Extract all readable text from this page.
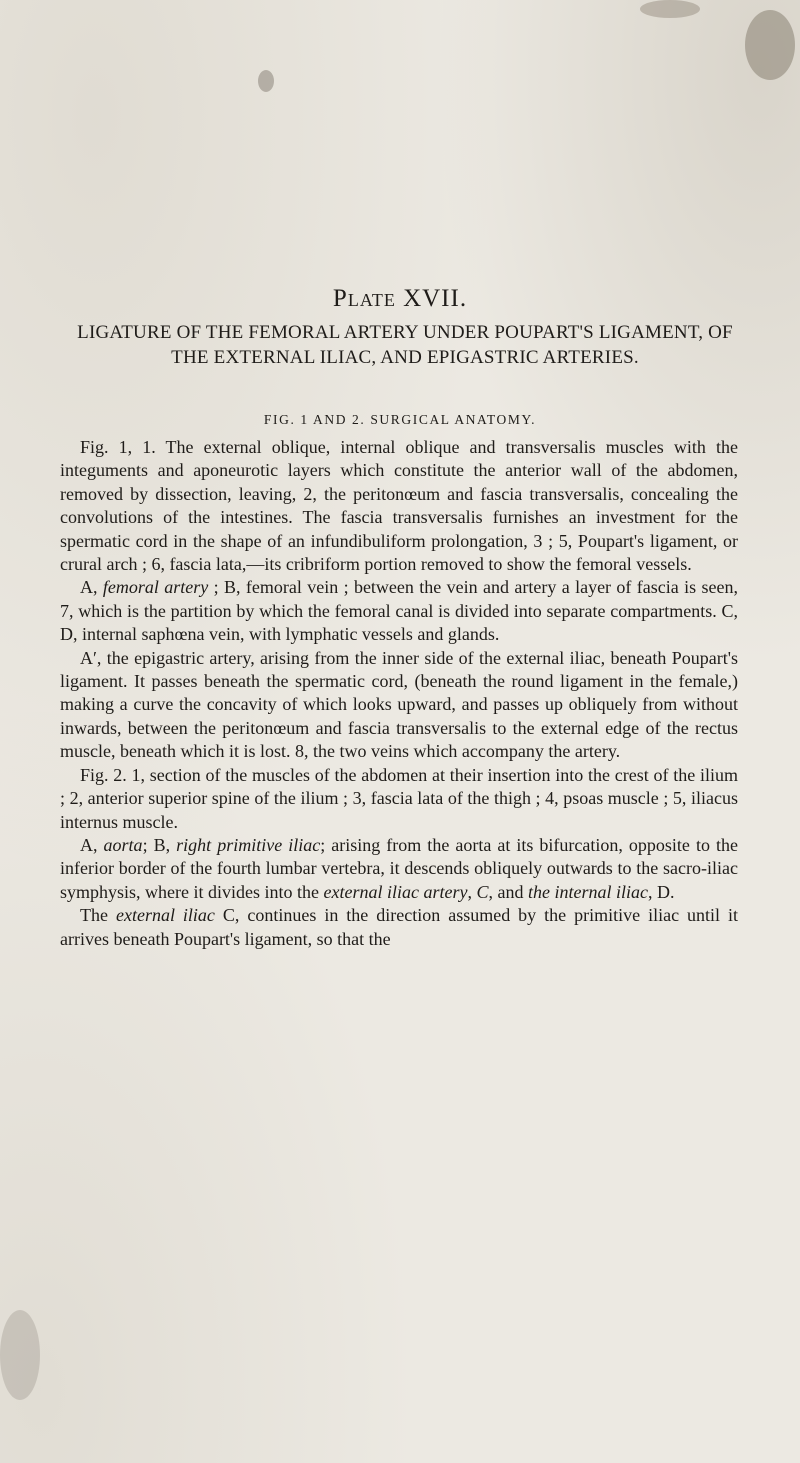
Plate XVII.
LIGATURE OF THE FEMORAL ARTERY UNDER POUPART'S LIGAMENT, OF THE EXTERNAL ILIAC, AND EPIGASTRIC ARTERIES.
FIG. 1 AND 2. SURGICAL ANATOMY.

Fig. 1, 1. The external oblique, internal oblique and transversalis muscles with the integuments and aponeurotic layers which constitute the anterior wall of the abdomen, removed by dissection, leaving, 2, the peritonœum and fascia transversalis, concealing the convolutions of the intestines. The fascia transversalis furnishes an investment for the spermatic cord in the shape of an infundibuliform prolongation, 3 ; 5, Poupart's ligament, or crural arch ; 6, fascia lata,—its cribriform portion removed to show the femoral vessels.

A, femoral artery ; B, femoral vein ; between the vein and artery a layer of fascia is seen, 7, which is the partition by which the femoral canal is divided into separate compartments. C, D, internal saphœna vein, with lymphatic vessels and glands.

A′, the epigastric artery, arising from the inner side of the external iliac, beneath Poupart's ligament. It passes beneath the spermatic cord, (beneath the round ligament in the female,) making a curve the concavity of which looks upward, and passes up obliquely from without inwards, between the peritonœum and fascia transversalis to the external edge of the rectus muscle, beneath which it is lost. 8, the two veins which accompany the artery.

Fig. 2. 1, section of the muscles of the abdomen at their insertion into the crest of the ilium ; 2, anterior superior spine of the ilium ; 3, fascia lata of the thigh ; 4, psoas muscle ; 5, iliacus internus muscle.

A, aorta; B, right primitive iliac; arising from the aorta at its bifurcation, opposite to the inferior border of the fourth lumbar vertebra, it descends obliquely outwards to the sacro-iliac symphysis, where it divides into the external iliac artery, C, and the internal iliac, D.

The external iliac C, continues in the direction assumed by the primitive iliac until it arrives beneath Poupart's ligament, so that the
